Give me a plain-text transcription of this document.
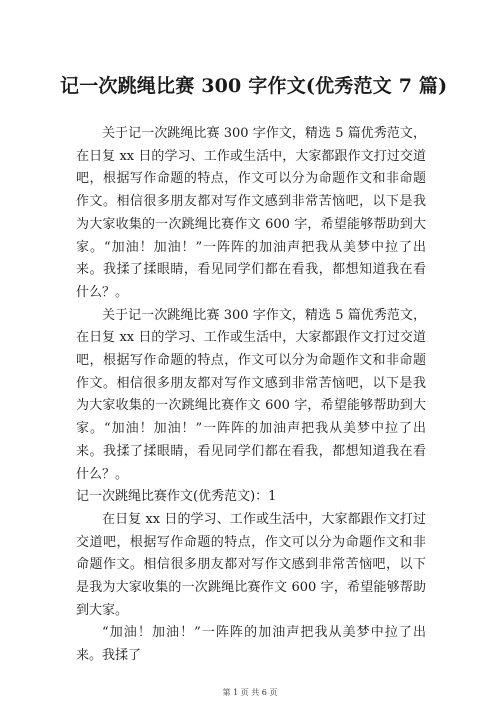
记一次跳绳比赛 300 字作文(优秀范文 7 篇)

关于记一次跳绳比赛 300 字作文，精选 5 篇优秀范文，在日复 xx 日的学习、工作或生活中，大家都跟作文打过交道吧，根据写作命题的特点，作文可以分为命题作文和非命题作文。相信很多朋友都对写作文感到非常苦恼吧，以下是我为大家收集的一次跳绳比赛作文 600 字，希望能够帮助到大家。“加油！加油！”一阵阵的加油声把我从美梦中拉了出来。我揉了揉眼睛，看见同学们都在看我，都想知道我在看什么？。

关于记一次跳绳比赛 300 字作文，精选 5 篇优秀范文，在日复 xx 日的学习、工作或生活中，大家都跟作文打过交道吧，根据写作命题的特点，作文可以分为命题作文和非命题作文。相信很多朋友都对写作文感到非常苦恼吧，以下是我为大家收集的一次跳绳比赛作文 600 字，希望能够帮助到大家。“加油！加油！”一阵阵的加油声把我从美梦中拉了出来。我揉了揉眼睛，看见同学们都在看我，都想知道我在看什么？。

记一次跳绳比赛作文(优秀范文)：1

在日复 xx 日的学习、工作或生活中，大家都跟作文打过交道吧，根据写作命题的特点，作文可以分为命题作文和非命题作文。相信很多朋友都对写作文感到非常苦恼吧，以下是我为大家收集的一次跳绳比赛作文 600 字，希望能够帮助到大家。

“加油！加油！”一阵阵的加油声把我从美梦中拉了出来。我揉了

第 1 页 共 6 页
